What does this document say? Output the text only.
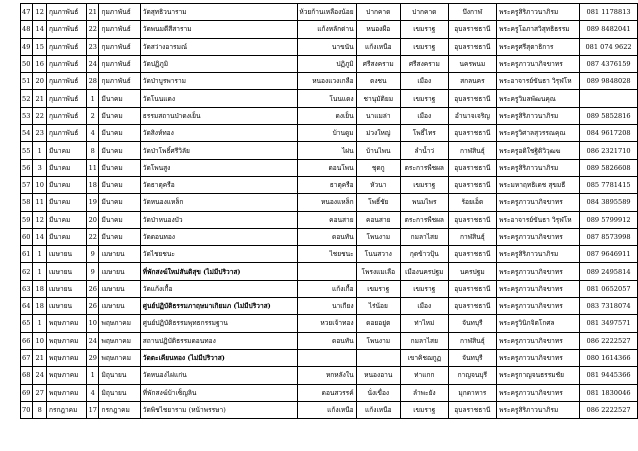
47	12	กุมภาพันธ์	21	กุมภาพันธ์	วัดสุทธิวนาราม	ห้วยก้านเหลืองน้อย	ปากคาด	ปากคาด	บึงกาฬ	พระครูสิริภาวนาภิรม	081 1178813
48	14	กุมภาพันธ์	22	กุมภาพันธ์	วัดพนมดีสีสาราม	แก้งหลักด่าน	หนองผือ	เขมราฐ	อุบลราชธานี	พระครูโอภาสวิสุทธิธรรม	089 8482041
49	15	กุมภาพันธ์	23	กุมภาพันธ์	วัดสว่างอารมณ์	นาขนัน	แก้งเหนือ	เขมราฐ	อุบลราชธานี	พระครูศรีสุตาธิการ	081 074 9622
50	16	กุมภาพันธ์	24	กุมภาพันธ์	วัดปฏิภูมิ	ปฏิภูมิ	ศรีสงคราม	ศรีสงคราม	นครพนม	พระครูภาวนาภิจขาทร	087 4376159
51	20	กุมภาพันธ์	28	กุมภาพันธ์	วัดป่าบูรพาราม	หนองแวงเกลือ	ตงชน	เมือง	สกลนคร	พระอาจารย์ขันธา วิรุฬโห	089 9848028
52	21	กุมภาพันธ์	1	มีนาคม	วัดโนนแดง	โนนแดง	ชานุมัติยม	เขมราฐ	อุบลราชธานี	พระครูวิมลพัฒนคุณ	
53	22	กุมภาพันธ์	2	มีนาคม	ธรรมสถานป่าดงเย็น	ดงเย็น	นาแมล่า	เมือง	อำนาจเจริญ	พระครูสิริภาวนาภิรม	089 5852816
54	23	กุมภาพันธ์	4	มีนาคม	วัดสิงห์ทอง	บ้านดูม	ม่วงใหญ่	โพธิ์ไทร	อุบลราชธานี	พระครูวิศาลสุวรรณคุณ	084 9617208
55	1	มีนาคม	8	มีนาคม	วัดป่าโพธิ์ศรีวิลัย	ไผ่น	บ้านไพน	ลำน้ำว่	กาฬสินธุ์	พระครูอดิใชฐิดิวิวุฒฆ	086 2321710
56	3	มีนาคม	11	มีนาคม	วัดโพนสูง	ดอนโพน	ชุดกู	ตระการพืชผล	อุบลราชธานี	พระครูสิริภาวนาภิรม	089 5826608
57	10	มีนาคม	18	มีนาคม	วัดธาตุครือ	ธาตุครือ	หัวนา	เขมราฐ	อุบลราชธานี	พระมหาฤทธิเดช สุขมธี	085 7781415
58	11	มีนาคม	19	มีนาคม	วัดหนองแหล็ก	หนองแหล็ก	โพธิ์ชัย	พนมไพร	ร้อยเอ็ด	พระครูภาวนาภิจขาทร	084 3895589
59	12	มีนาคม	20	มีนาคม	วัดป่าหนองบัว	คอนสาย	คอนสาย	ตระการพืชผล	อุบลราชธานี	พระอาจารย์ขันธา วิรุฬโห	089 5799912
60	14	มีนาคม	22	มีนาคม	วัดดอนทอง	ดอนทัน	โพนงาม	กมลาไสย	กาฬสินธุ์	พระครูภาวนาภิจขาทร	087 8573998
61	1	เมษายน	9	เมษายน	วัดไชยชนะ	ไชยชนะ	โนนสวาง	กุดข้าวปุ้น	อุบลราชธานี	พระครูสิริภาวนาภิรม	087 9646911
62	1	เมษายน	9	เมษายน	ที่พักสงฆ์ใหม่สันติสุข (ไม่มีปริวาส)		โพรงแมเลือ	เมืองนครปฐม	นครปฐม	พระครูภาวนาภิจขาทร	089 2495814
63	18	เมษายน	26	เมษายน	วัดแก้งเกื้อ	แก้งเกื้อ	เขมราฐ	เขมราฐ	อุบลราชธานี	พระครูภาวนาภิจขาทร	081 0652057
64	18	เมษายน	26	เมษายน	ศูนย์ปฏิบัติธรรมภาฤษมาเกิยมภ (ไม่มีปริวาส)	นาเกียง	ไร่น้อย	เมือง	อุบลราชธานี	พระครูภาวนาภิจขาทร	083 7318074
65	1	พฤษภาคม	10	พฤษภาคม	ศูนย์ปฏิบัติธรรมพุทธกรรมฐาน	หวยเจ้าทอง	ดอยอยู่ต	ท่าไหม่	จันทบุรี	พระครูวินิกจิตโกศล	081 3497571
66	10	พฤษภาคม	24	พฤษภาคม	สถานปฏิบัติธรรมดอนทอง	ดอนทัน	โพนงาม	กมลาไสย	กาฬสินธุ์	พระครูภาวนาภิจขาทร	086 2222527
67	21	พฤษภาคม	29	พฤษภาคม	วัดตะเคียนทอง (ไม่มีปริวาส)			เขาคิชฌกูฏ	จันทบุรี	พระครูภาวนาภิจขาทร	080 1614366
68	24	พฤษภาคม	1	มิถุนายน	วัดหนองไผ่แก่น	หกหลังใน	หนองอาน	ท่าแกก	กาญจนบุรี	พระครูกาญจนธรรมชัย	081 9445366
69	27	พฤษภาคม	4	มิถุนายน	ที่พักสงฆ์บ้าเซ็ญลิน	ดอนสวรรค์	นั่งเขื่อง	ลำพะยัง	มุกดาหาร	พระครูภาวนาภิจขาทร	081 1830046
70	8	กรกฎาคม	17	กรกฎาคม	วัดพิชไชยาราม (หน้าพรรษา)	แก้งเหนือ	แก้งเหนือ	เขมราฐ	อุบลราชธานี	พระครูสิริภาวนาภิรม	086 2222527
